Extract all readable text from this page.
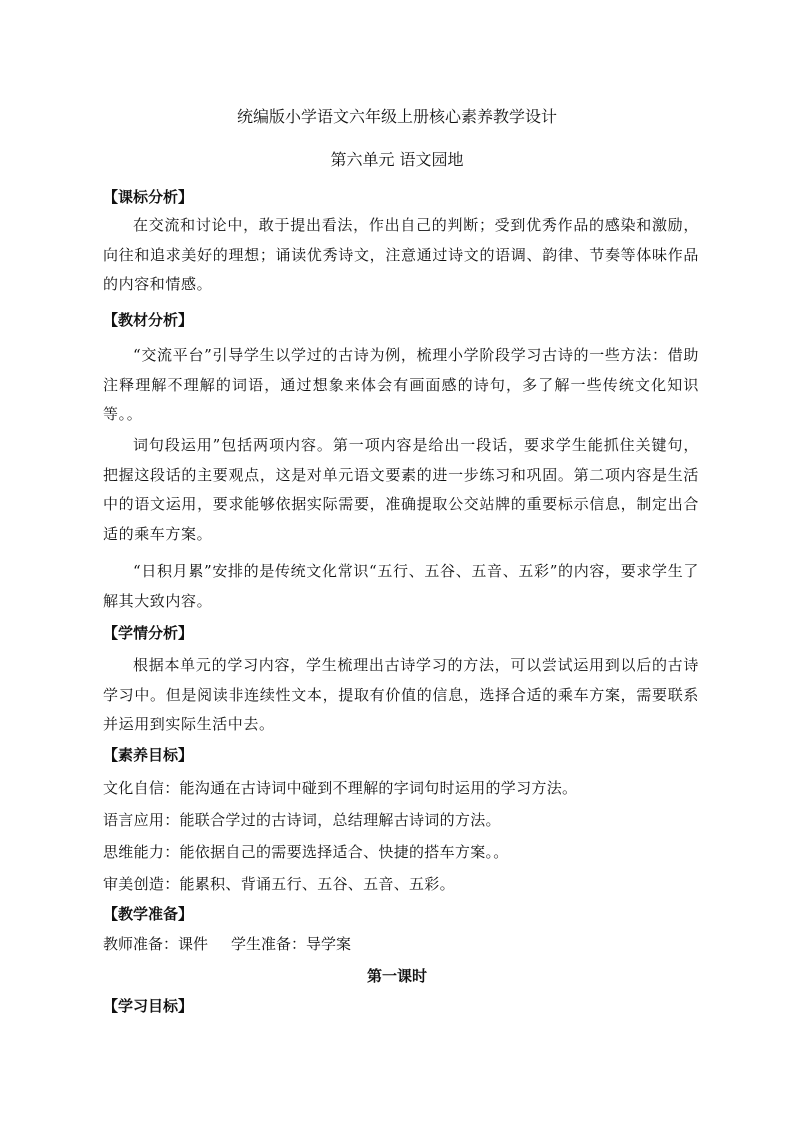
统编版小学语文六年级上册核心素养教学设计
第六单元 语文园地
【课标分析】
在交流和讨论中，敢于提出看法，作出自己的判断；受到优秀作品的感染和激励，向往和追求美好的理想；诵读优秀诗文，注意通过诗文的语调、韵律、节奏等体味作品的内容和情感。
【教材分析】
“交流平台”引导学生以学过的古诗为例，梳理小学阶段学习古诗的一些方法：借助注释理解不理解的词语，通过想象来体会有画面感的诗句，多了解一些传统文化知识等。。
词句段运用”包括两项内容。第一项内容是给出一段话，要求学生能抓住关键句，把握这段话的主要观点，这是对单元语文要素的进一步练习和巩固。第二项内容是生活中的语文运用，要求能够依据实际需要，准确提取公交站牌的重要标示信息，制定出合适的乘车方案。
“日积月累”安排的是传统文化常识“五行、五谷、五音、五彩”的内容，要求学生了解其大致内容。
【学情分析】
根据本单元的学习内容，学生梳理出古诗学习的方法，可以尝试运用到以后的古诗学习中。但是阅读非连续性文本，提取有价值的信息，选择合适的乘车方案，需要联系并运用到实际生活中去。
【素养目标】
文化自信：能沟通在古诗词中碰到不理解的字词句时运用的学习方法。
语言应用：能联合学过的古诗词，总结理解古诗词的方法。
思维能力：能依据自己的需要选择适合、快捷的搭车方案。。
审美创造：能累积、背诵五行、五谷、五音、五彩。
【教学准备】
教师准备：课件 学生准备：导学案
第一课时
【学习目标】
